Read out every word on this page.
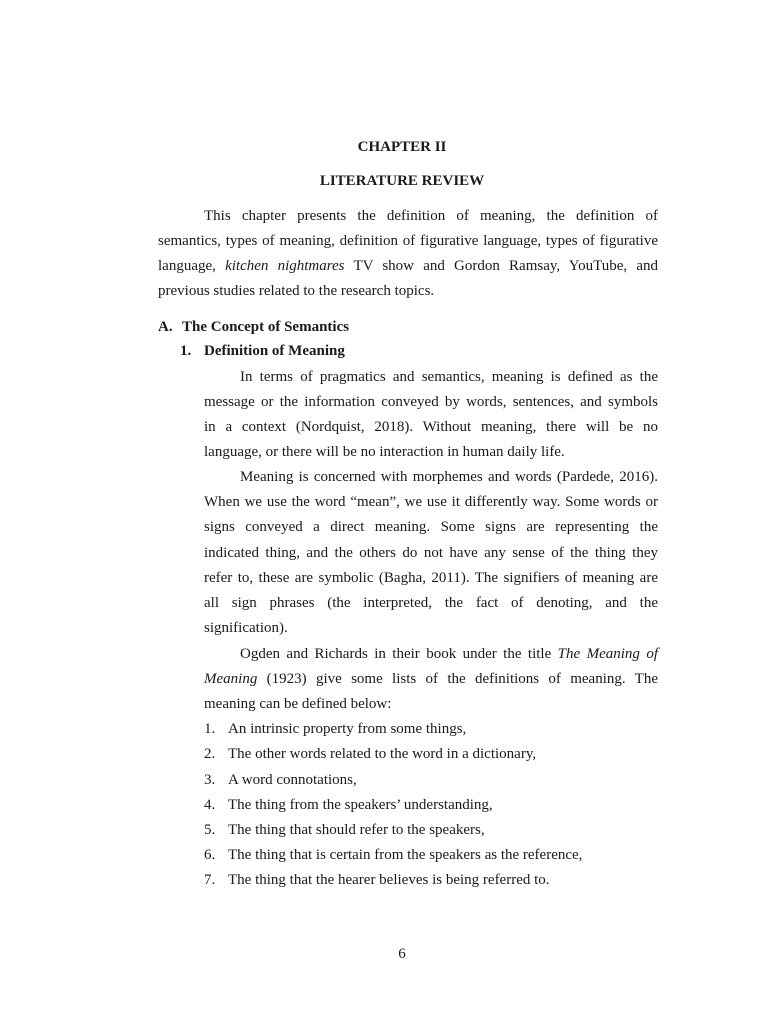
CHAPTER II
LITERATURE REVIEW
This chapter presents the definition of meaning, the definition of
semantics, types of meaning, definition of figurative language, types of figurative
language, kitchen nightmares TV show and Gordon Ramsay, YouTube, and
previous studies related to the research topics.
A. The Concept of Semantics
1. Definition of Meaning
In terms of pragmatics and semantics, meaning is defined as the
message or the information conveyed by words, sentences, and symbols
in a context (Nordquist, 2018). Without meaning, there will be no
language, or there will be no interaction in human daily life.
Meaning is concerned with morphemes and words (Pardede, 2016).
When we use the word “mean”, we use it differently way. Some words or
signs conveyed a direct meaning. Some signs are representing the
indicated thing, and the others do not have any sense of the thing they
refer to, these are symbolic (Bagha, 2011). The signifiers of meaning are
all sign phrases (the interpreted, the fact of denoting, and the
signification).
Ogden and Richards in their book under the title The Meaning of
Meaning (1923) give some lists of the definitions of meaning. The
meaning can be defined below:
1. An intrinsic property from some things,
2. The other words related to the word in a dictionary,
3. A word connotations,
4. The thing from the speakers’ understanding,
5. The thing that should refer to the speakers,
6. The thing that is certain from the speakers as the reference,
7. The thing that the hearer believes is being referred to.
6
